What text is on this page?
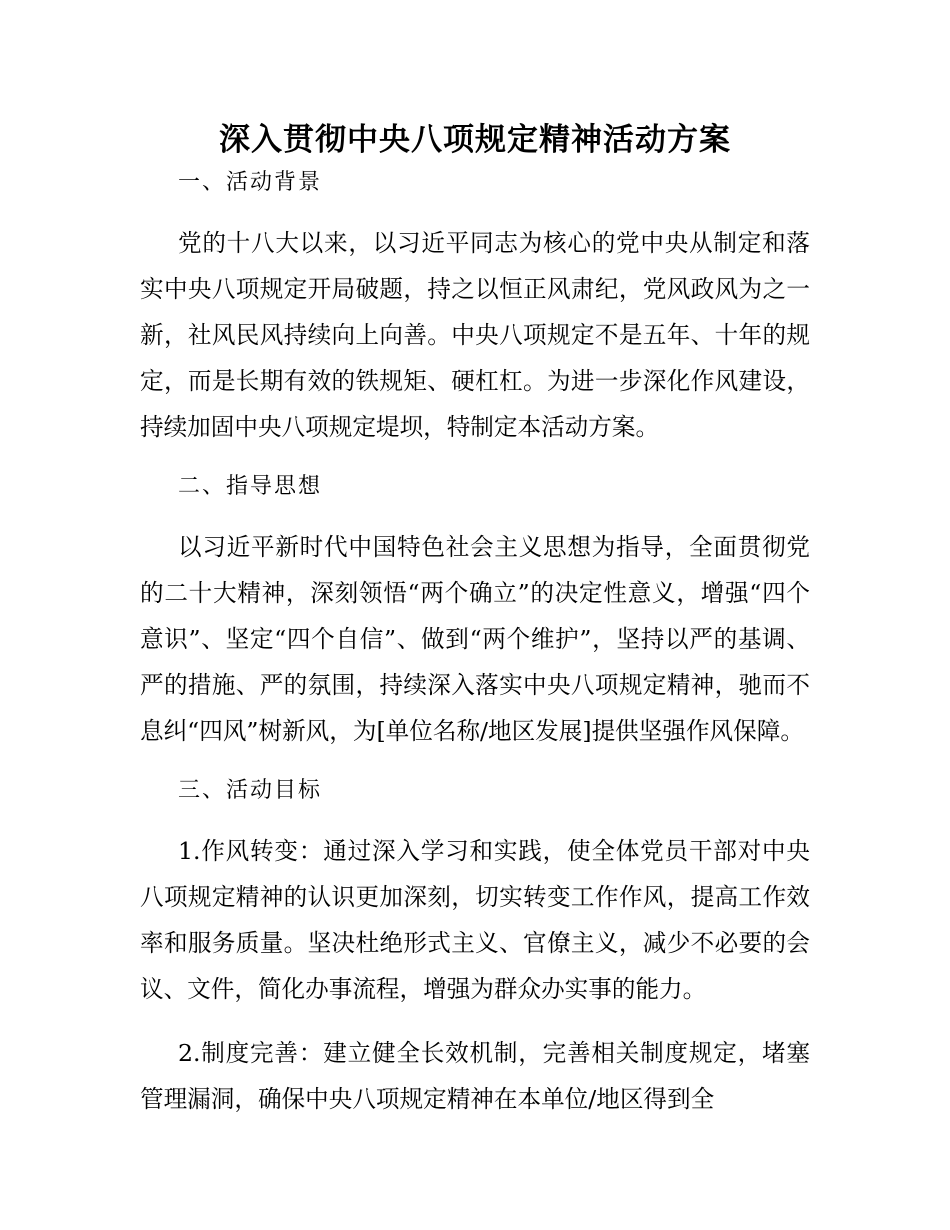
深入贯彻中央八项规定精神活动方案
一、活动背景

党的十八大以来，以习近平同志为核心的党中央从制定和落实中央八项规定开局破题，持之以恒正风肃纪，党风政风为之一新，社风民风持续向上向善。中央八项规定不是五年、十年的规定，而是长期有效的铁规矩、硬杠杠。为进一步深化作风建设，持续加固中央八项规定堤坝，特制定本活动方案。

二、指导思想

以习近平新时代中国特色社会主义思想为指导，全面贯彻党的二十大精神，深刻领悟“两个确立”的决定性意义，增强“四个意识”、坚定“四个自信”、做到“两个维护”，坚持以严的基调、严的措施、严的氛围，持续深入落实中央八项规定精神，驰而不息纠“四风”树新风，为[单位名称/地区发展]提供坚强作风保障。

三、活动目标

1.作风转变：通过深入学习和实践，使全体党员干部对中央八项规定精神的认识更加深刻，切实转变工作作风，提高工作效率和服务质量。坚决杜绝形式主义、官僚主义，减少不必要的会议、文件，简化办事流程，增强为群众办实事的能力。

2.制度完善：建立健全长效机制，完善相关制度规定，堵塞管理漏洞，确保中央八项规定精神在本单位/地区得到全
